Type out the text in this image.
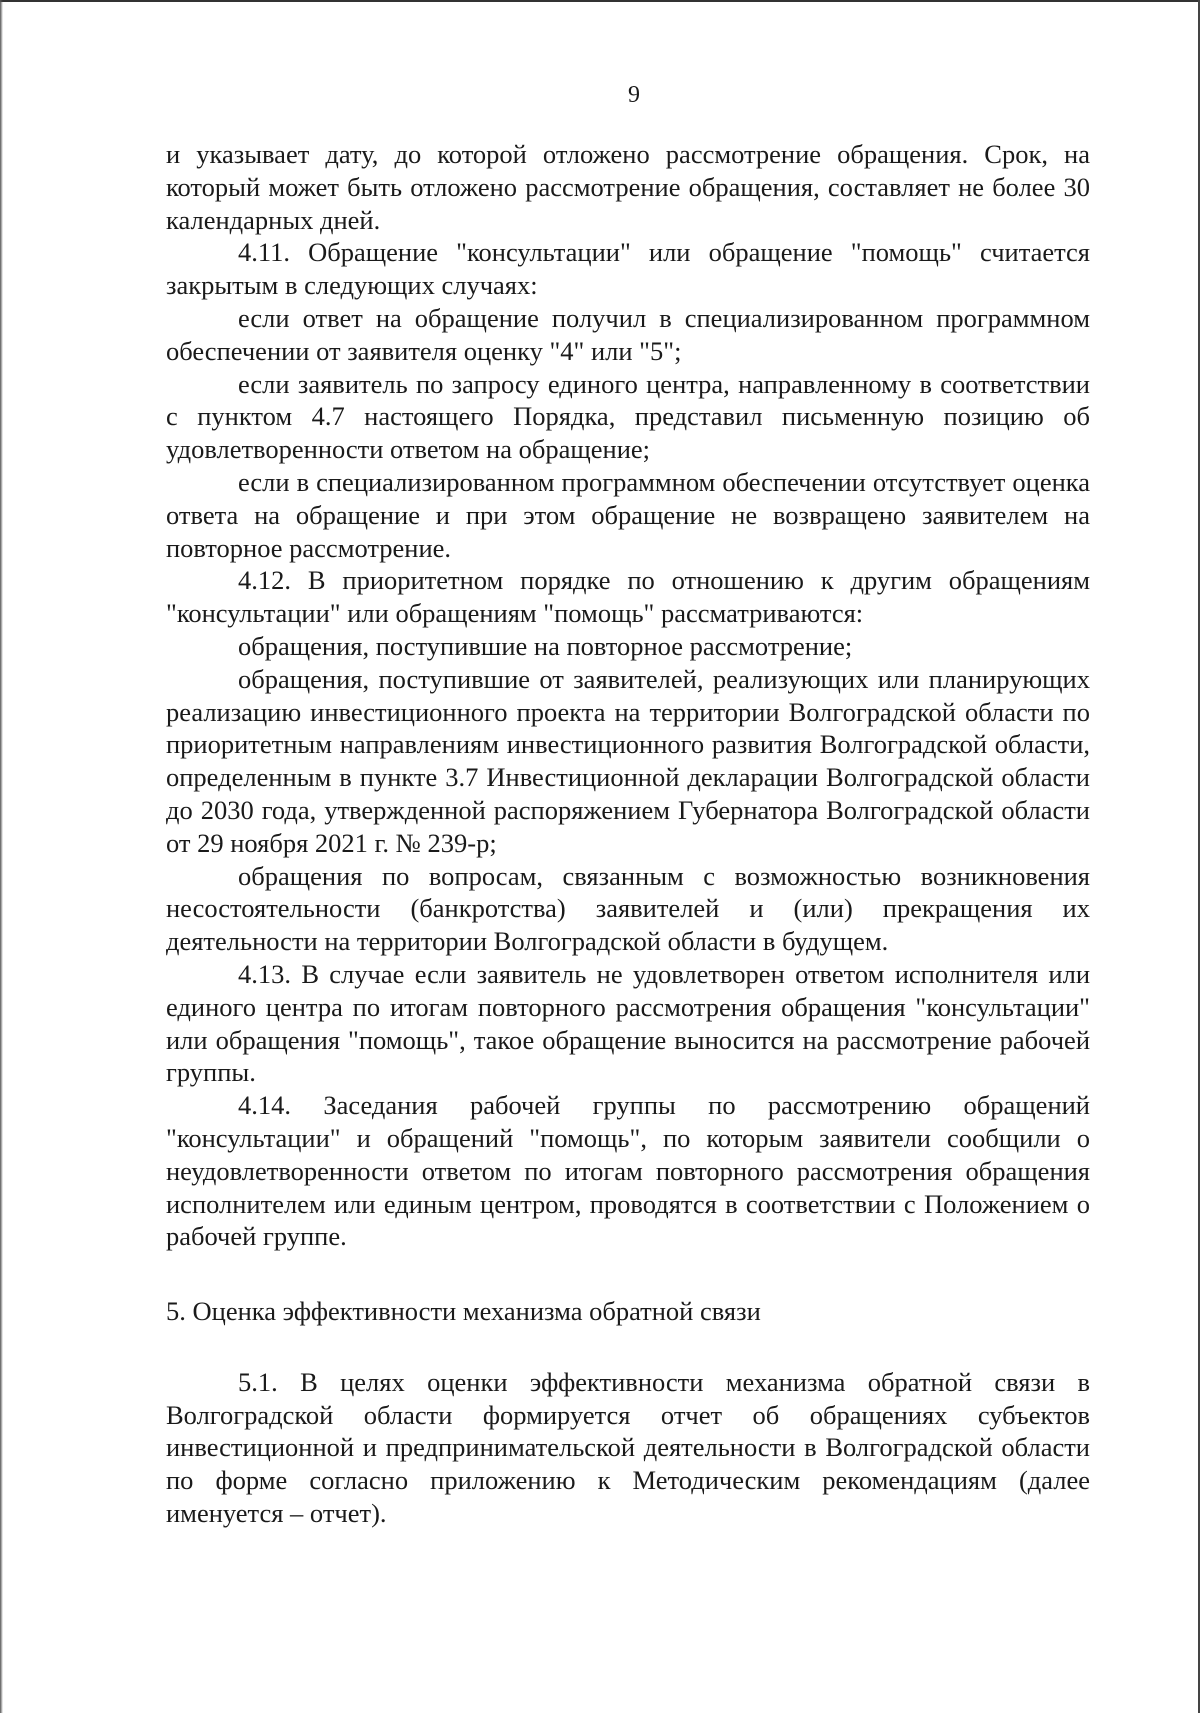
9

и указывает дату, до которой отложено рассмотрение обращения. Срок, на который может быть отложено рассмотрение обращения, составляет не более 30 календарных дней.

4.11. Обращение "консультации" или обращение "помощь" считается закрытым в следующих случаях:

если ответ на обращение получил в специализированном программном обеспечении от заявителя оценку "4" или "5";

если заявитель по запросу единого центра, направленному в соответствии с пунктом 4.7 настоящего Порядка, представил письменную позицию об удовлетворенности ответом на обращение;

если в специализированном программном обеспечении отсутствует оценка ответа на обращение и при этом обращение не возвращено заявителем на повторное рассмотрение.

4.12. В приоритетном порядке по отношению к другим обращениям "консультации" или обращениям "помощь" рассматриваются:

обращения, поступившие на повторное рассмотрение;

обращения, поступившие от заявителей, реализующих или планирующих реализацию инвестиционного проекта на территории Волгоградской области по приоритетным направлениям инвестиционного развития Волгоградской области, определенным в пункте 3.7 Инвестиционной декларации Волгоградской области до 2030 года, утвержденной распоряжением Губернатора Волгоградской области от 29 ноября 2021 г. № 239-р;

обращения по вопросам, связанным с возможностью возникновения несостоятельности (банкротства) заявителей и (или) прекращения их деятельности на территории Волгоградской области в будущем.

4.13. В случае если заявитель не удовлетворен ответом исполнителя или единого центра по итогам повторного рассмотрения обращения "консультации" или обращения "помощь", такое обращение выносится на рассмотрение рабочей группы.

4.14. Заседания рабочей группы по рассмотрению обращений "консультации" и обращений "помощь", по которым заявители сообщили о неудовлетворенности ответом по итогам повторного рассмотрения обращения исполнителем или единым центром, проводятся в соответствии с Положением о рабочей группе.

5. Оценка эффективности механизма обратной связи

5.1. В целях оценки эффективности механизма обратной связи в Волгоградской области формируется отчет об обращениях субъектов инвестиционной и предпринимательской деятельности в Волгоградской области по форме согласно приложению к Методическим рекомендациям (далее именуется – отчет).
